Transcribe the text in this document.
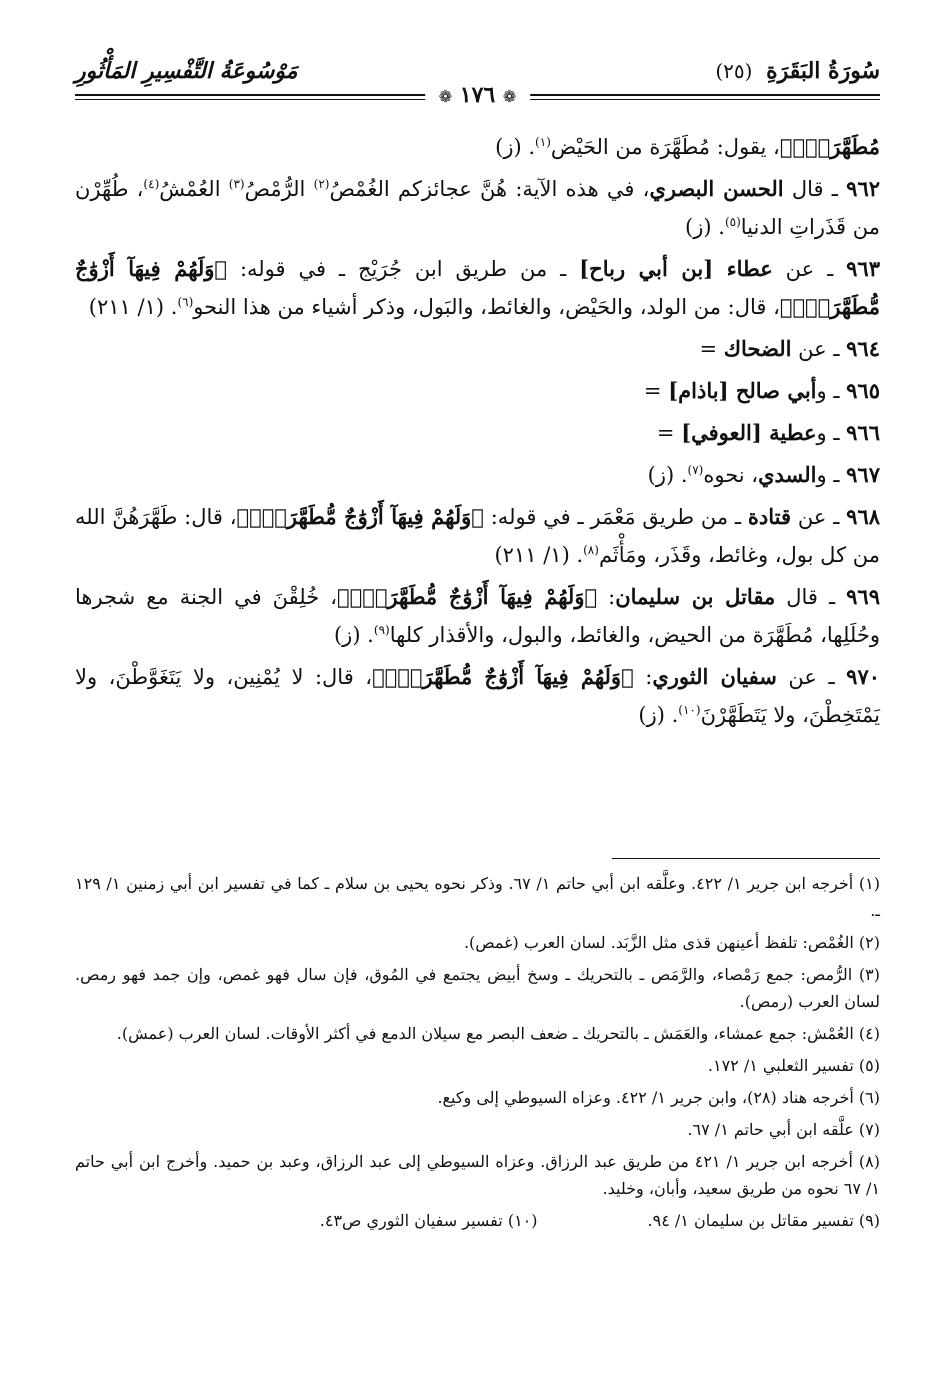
سُورَةُ البَقَرَةِ (٢٥)
مَوْسُوعَةُ التَّفْسِيرِ المَأْثُورِ
❁ ١٧٦ ❁

مُطَهَّرَةٌۖ﴾، يقول: مُطَهَّرَة من الحَيْض$^{(١)}$. (ز)

٩٦٢ ـ قال الحسن البصري، في هذه الآية: هُنَّ عجائزكم الغُمْصُ$^{(٢)}$ الرُّمْصُ$^{(٣)}$ العُمْشُ$^{(٤)}$، طُهِّرْن من قَذَراتِ الدنيا$^{(٥)}$. (ز)

٩٦٣ ـ عن عطاء [بن أبي رباح] ـ من طريق ابن جُرَيْج ـ في قوله: ﴿وَلَهُمْ فِيهَآ أَزْوَٰجٌ مُّطَهَّرَةٌۖ﴾، قال: من الولد، والحَيْض، والغائط، والبَول، وذكر أشياء من هذا النحو$^{(٦)}$. (١/ ٢١١)

٩٦٤ ـ عن الضحاك =

٩٦٥ ـ وأبي صالح [باذام] =

٩٦٦ ـ وعطية [العوفي] =

٩٦٧ ـ والسدي، نحوه$^{(٧)}$. (ز)

٩٦٨ ـ عن قتادة ـ من طريق مَعْمَر ـ في قوله: ﴿وَلَهُمْ فِيهَآ أَزْوَٰجٌ مُّطَهَّرَةٌۖ﴾، قال: طَهَّرَهُنَّ الله من كل بول، وغائط، وقَذَر، ومَأْثَم$^{(٨)}$. (١/ ٢١١)

٩٦٩ ـ قال مقاتل بن سليمان: ﴿وَلَهُمْ فِيهَآ أَزْوَٰجٌ مُّطَهَّرَةٌۖ﴾، خُلِقْنَ في الجنة مع شجرها وحُلَلِها، مُطَهَّرَة من الحيض، والغائط، والبول، والأقذار كلها$^{(٩)}$. (ز)

٩٧٠ ـ عن سفيان الثوري: ﴿وَلَهُمْ فِيهَآ أَزْوَٰجٌ مُّطَهَّرَةٌۖ﴾، قال: لا يُمْنِين، ولا يَتَغَوَّطْنَ، ولا يَمْتَخِطْنَ، ولا يَتَطَهَّرْنَ$^{(١٠)}$. (ز)

(١) أخرجه ابن جرير ١/ ٤٢٢. وعلَّقه ابن أبي حاتم ١/ ٦٧. وذكر نحوه يحيى بن سلام ـ كما في تفسير ابن أبي زمنين ١/ ١٢٩ ـ.

(٢) الغُمْص: تلفظ أعينهن قذى مثل الزَّبَد. لسان العرب (غمص).

(٣) الرُّمص: جمع رَمْصاء، والرَّمَص ـ بالتحريك ـ وسخ أبيض يجتمع في المُوق، فإن سال فهو غمص، وإن جمد فهو رمص. لسان العرب (رمص).

(٤) العُمْش: جمع عمشاء، والعَمَش ـ بالتحريك ـ ضعف البصر مع سيلان الدمع في أكثر الأوقات. لسان العرب (عمش).

(٥) تفسير الثعلبي ١/ ١٧٢.

(٦) أخرجه هناد (٢٨)، وابن جرير ١/ ٤٢٢. وعزاه السيوطي إلى وكيع.

(٧) علَّقه ابن أبي حاتم ١/ ٦٧.

(٨) أخرجه ابن جرير ١/ ٤٢١ من طريق عبد الرزاق. وعزاه السيوطي إلى عبد الرزاق، وعبد بن حميد. وأخرج ابن أبي حاتم ١/ ٦٧ نحوه من طريق سعيد، وأبان، وخليد.

(٩) تفسير مقاتل بن سليمان ١/ ٩٤.
(١٠) تفسير سفيان الثوري ص٤٣.
